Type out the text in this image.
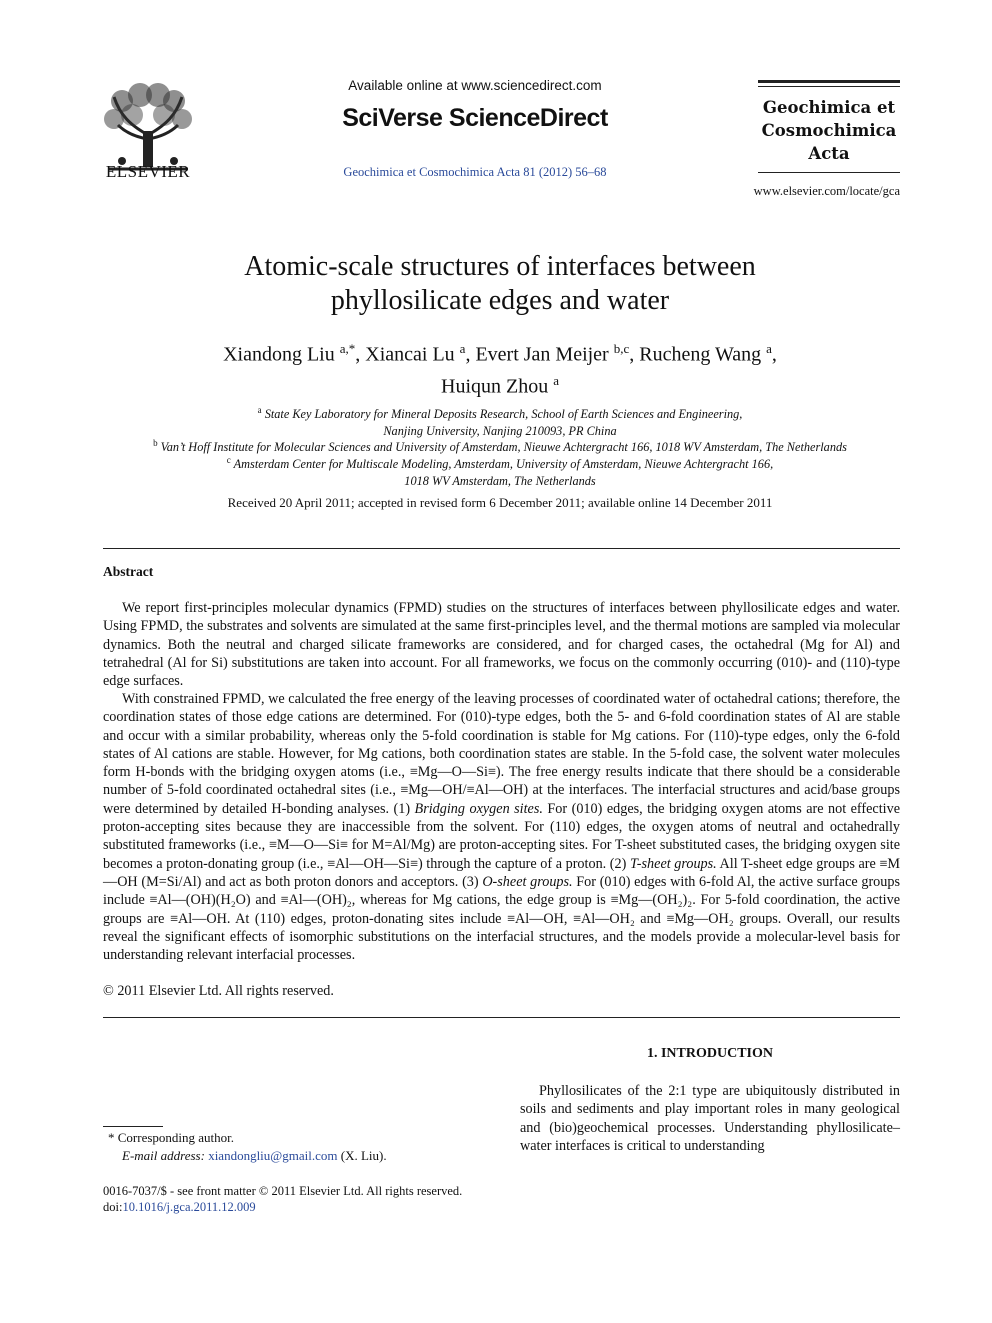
ELSEVIER
Available online at www.sciencedirect.com
SciVerse ScienceDirect
Geochimica et Cosmochimica Acta 81 (2012) 56–68
Geochimica et
Cosmochimica
Acta
www.elsevier.com/locate/gca
Atomic-scale structures of interfaces between
phyllosilicate edges and water
Xiandong Liu $^{a,*}$, Xiancai Lu $^a$, Evert Jan Meijer $^{b,c}$, Rucheng Wang $^a$,
Huiqun Zhou $^a$
$^a$ State Key Laboratory for Mineral Deposits Research, School of Earth Sciences and Engineering,
Nanjing University, Nanjing 210093, PR China
$^b$ Van’t Hoff Institute for Molecular Sciences and University of Amsterdam, Nieuwe Achtergracht 166, 1018 WV Amsterdam, The Netherlands
$^c$ Amsterdam Center for Multiscale Modeling, Amsterdam, University of Amsterdam, Nieuwe Achtergracht 166,
1018 WV Amsterdam, The Netherlands
Received 20 April 2011; accepted in revised form 6 December 2011; available online 14 December 2011
Abstract
We report first-principles molecular dynamics (FPMD) studies on the structures of interfaces between phyllosilicate edges and water. Using FPMD, the substrates and solvents are simulated at the same first-principles level, and the thermal motions are sampled via molecular dynamics. Both the neutral and charged silicate frameworks are considered, and for charged cases, the octahedral (Mg for Al) and tetrahedral (Al for Si) substitutions are taken into account. For all frameworks, we focus on the commonly occurring (010)- and (110)-type edge surfaces.
With constrained FPMD, we calculated the free energy of the leaving processes of coordinated water of octahedral cations; therefore, the coordination states of those edge cations are determined. For (010)-type edges, both the 5- and 6-fold coordination states of Al are stable and occur with a similar probability, whereas only the 5-fold coordination is stable for Mg cations. For (110)-type edges, only the 6-fold states of Al cations are stable. However, for Mg cations, both coordination states are stable. In the 5-fold case, the solvent water molecules form H-bonds with the bridging oxygen atoms (i.e., ≡Mg—O—Si≡). The free energy results indicate that there should be a considerable number of 5-fold coordinated octahedral sites (i.e., ≡Mg—OH/≡Al—OH) at the interfaces. The interfacial structures and acid/base groups were determined by detailed H-bonding analyses. (1) Bridging oxygen sites. For (010) edges, the bridging oxygen atoms are not effective proton-accepting sites because they are inaccessible from the solvent. For (110) edges, the oxygen atoms of neutral and octahedrally substituted frameworks (i.e., ≡M—O—Si≡ for M=Al/Mg) are proton-accepting sites. For T-sheet substituted cases, the bridging oxygen site becomes a proton-donating group (i.e., ≡Al—OH—Si≡) through the capture of a proton. (2) T-sheet groups. All T-sheet edge groups are ≡M—OH (M=Si/Al) and act as both proton donors and acceptors. (3) O-sheet groups. For (010) edges with 6-fold Al, the active surface groups include ≡Al—(OH)(H₂O) and ≡Al—(OH)₂, whereas for Mg cations, the edge group is ≡Mg—(OH₂)₂. For 5-fold coordination, the active groups are ≡Al—OH. At (110) edges, proton-donating sites include ≡Al—OH, ≡Al—OH₂ and ≡Mg—OH₂ groups. Overall, our results reveal the significant effects of isomorphic substitutions on the interfacial structures, and the models provide a molecular-level basis for understanding relevant interfacial processes.
© 2011 Elsevier Ltd. All rights reserved.
1. INTRODUCTION
Phyllosilicates of the 2:1 type are ubiquitously distributed in soils and sediments and play important roles in many geological and (bio)geochemical processes. Understanding phyllosilicate–water interfaces is critical to understanding
* Corresponding author.
E-mail address: xiandongliu@gmail.com (X. Liu).
0016-7037/$ - see front matter © 2011 Elsevier Ltd. All rights reserved.
doi:10.1016/j.gca.2011.12.009
